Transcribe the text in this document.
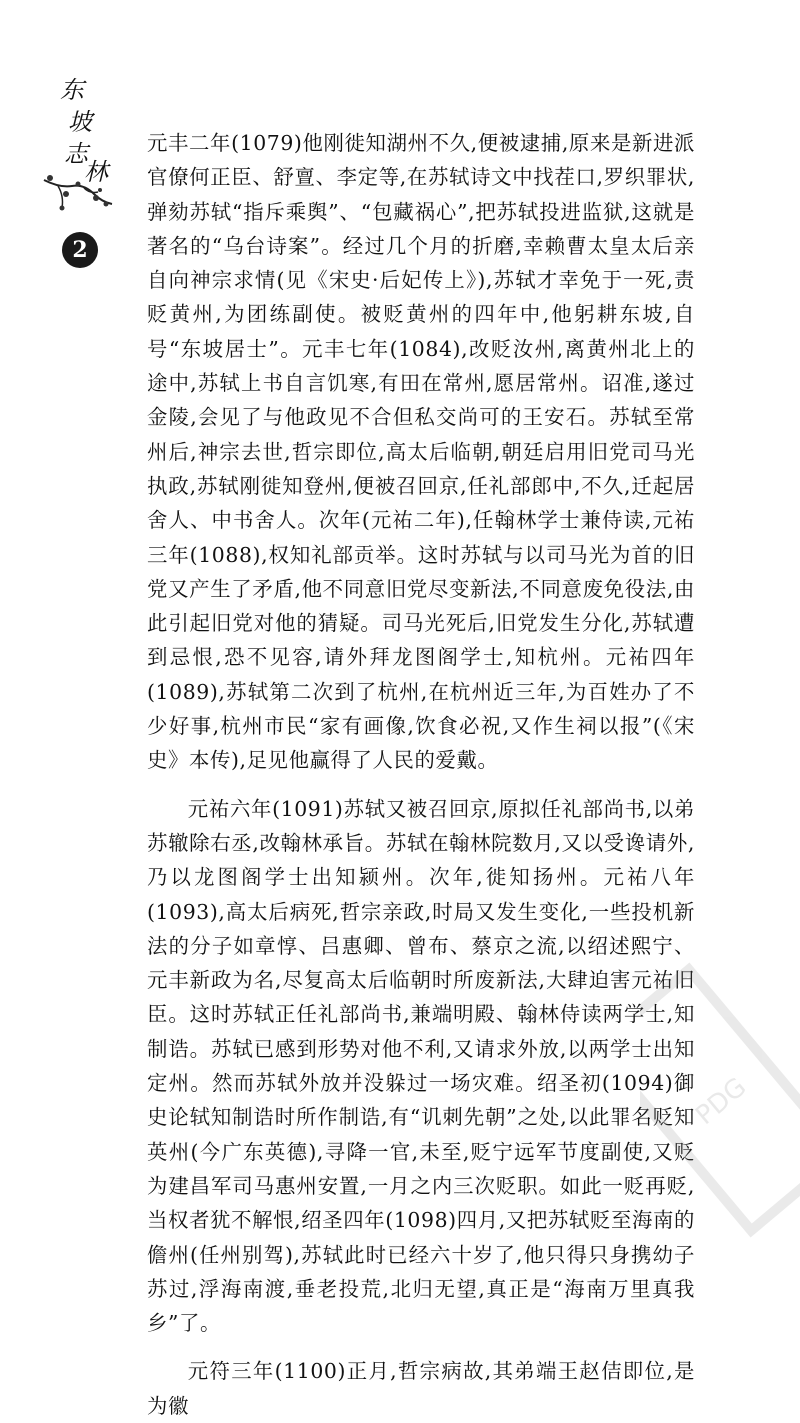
东
坡
志
林
2

元丰二年(1079)他刚徙知湖州不久,便被逮捕,原来是新进派官僚何正臣、舒亶、李定等,在苏轼诗文中找茬口,罗织罪状,弹劾苏轼“指斥乘舆”、“包藏祸心”,把苏轼投进监狱,这就是著名的“乌台诗案”。经过几个月的折磨,幸赖曹太皇太后亲自向神宗求情(见《宋史·后妃传上》),苏轼才幸免于一死,责贬黄州,为团练副使。被贬黄州的四年中,他躬耕东坡,自号“东坡居士”。元丰七年(1084),改贬汝州,离黄州北上的途中,苏轼上书自言饥寒,有田在常州,愿居常州。诏准,遂过金陵,会见了与他政见不合但私交尚可的王安石。苏轼至常州后,神宗去世,哲宗即位,高太后临朝,朝廷启用旧党司马光执政,苏轼刚徙知登州,便被召回京,任礼部郎中,不久,迁起居舍人、中书舍人。次年(元祐二年),任翰林学士兼侍读,元祐三年(1088),权知礼部贡举。这时苏轼与以司马光为首的旧党又产生了矛盾,他不同意旧党尽变新法,不同意废免役法,由此引起旧党对他的猜疑。司马光死后,旧党发生分化,苏轼遭到忌恨,恐不见容,请外拜龙图阁学士,知杭州。元祐四年(1089),苏轼第二次到了杭州,在杭州近三年,为百姓办了不少好事,杭州市民“家有画像,饮食必祝,又作生祠以报”(《宋史》本传),足见他赢得了人民的爱戴。

元祐六年(1091)苏轼又被召回京,原拟任礼部尚书,以弟苏辙除右丞,改翰林承旨。苏轼在翰林院数月,又以受谗请外,乃以龙图阁学士出知颍州。次年,徙知扬州。元祐八年(1093),高太后病死,哲宗亲政,时局又发生变化,一些投机新法的分子如章惇、吕惠卿、曾布、蔡京之流,以绍述熙宁、元丰新政为名,尽复高太后临朝时所废新法,大肆迫害元祐旧臣。这时苏轼正任礼部尚书,兼端明殿、翰林侍读两学士,知制诰。苏轼已感到形势对他不利,又请求外放,以两学士出知定州。然而苏轼外放并没躲过一场灾难。绍圣初(1094)御史论轼知制诰时所作制诰,有“讥刺先朝”之处,以此罪名贬知英州(今广东英德),寻降一官,未至,贬宁远军节度副使,又贬为建昌军司马惠州安置,一月之内三次贬职。如此一贬再贬,当权者犹不解恨,绍圣四年(1098)四月,又把苏轼贬至海南的儋州(任州别驾),苏轼此时已经六十岁了,他只得只身携幼子苏过,浮海南渡,垂老投荒,北归无望,真正是“海南万里真我乡”了。

元符三年(1100)正月,哲宗病故,其弟端王赵佶即位,是为徽

PDG
